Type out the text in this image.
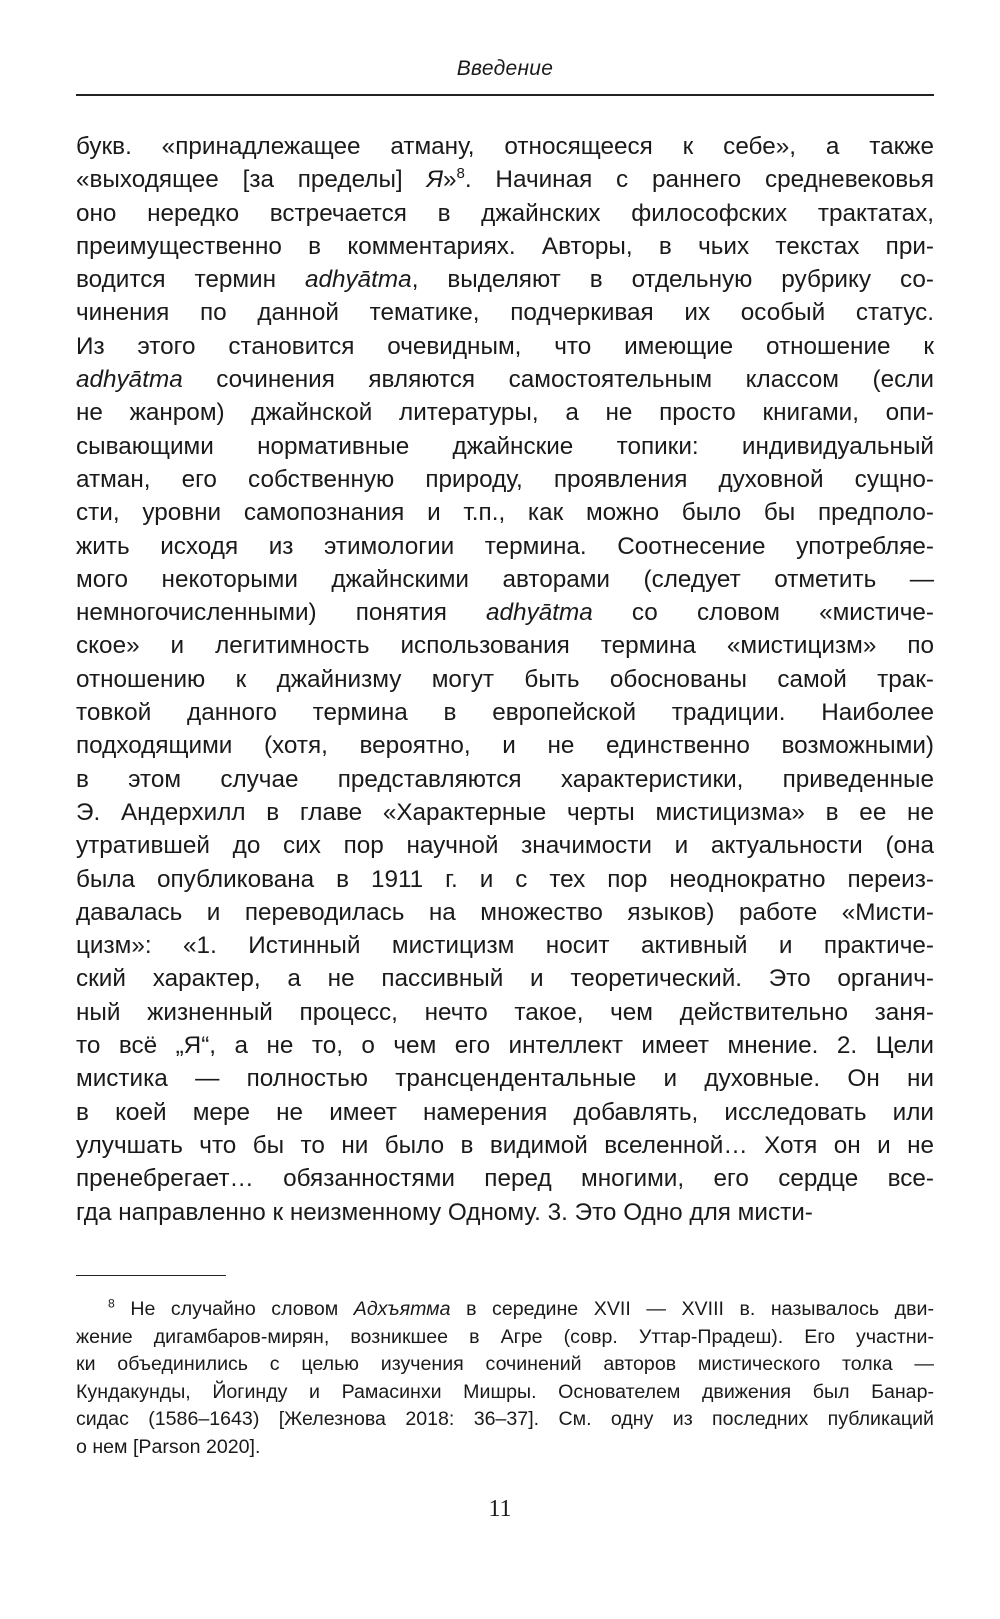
Введение
букв. «принадлежащее атману, относящееся к себе», а также
«выходящее [за пределы] Я»$^8$. Начиная с раннего средневековья
оно нередко встречается в джайнских философских трактатах,
преимущественно в комментариях. Авторы, в чьих текстах при-
водится термин adhyātma, выделяют в отдельную рубрику со-
чинения по данной тематике, подчеркивая их особый статус.
Из этого становится очевидным, что имеющие отношение к
adhyātma сочинения являются самостоятельным классом (если
не жанром) джайнской литературы, а не просто книгами, опи-
сывающими нормативные джайнские топики: индивидуальный
атман, его собственную природу, проявления духовной сущно-
сти, уровни самопознания и т.п., как можно было бы предполо-
жить исходя из этимологии термина. Соотнесение употребляе-
мого некоторыми джайнскими авторами (следует отметить —
немногочисленными) понятия adhyātma со словом «мистиче-
ское» и легитимность использования термина «мистицизм» по
отношению к джайнизму могут быть обоснованы самой трак-
товкой данного термина в европейской традиции. Наиболее
подходящими (хотя, вероятно, и не единственно возможными)
в этом случае представляются характеристики, приведенные
Э. Андерхилл в главе «Характерные черты мистицизма» в ее не
утратившей до сих пор научной значимости и актуальности (она
была опубликована в 1911 г. и с тех пор неоднократно переиз-
давалась и переводилась на множество языков) работе «Мисти-
цизм»: «1. Истинный мистицизм носит активный и практиче-
ский характер, а не пассивный и теоретический. Это органич-
ный жизненный процесс, нечто такое, чем действительно заня-
то всё „Я“, а не то, о чем его интеллект имеет мнение. 2. Цели
мистика — полностью трансцендентальные и духовные. Он ни
в коей мере не имеет намерения добавлять, исследовать или
улучшать что бы то ни было в видимой вселенной… Хотя он и не
пренебрегает… обязанностями перед многими, его сердце все-
гда направленно к неизменному Одному. 3. Это Одно для мисти-
$^8$ Не случайно словом Адхъятма в середине XVII — XVIII в. называлось дви-
жение дигамбаров-мирян, возникшее в Агре (совр. Уттар-Прадеш). Его участни-
ки объединились с целью изучения сочинений авторов мистического толка —
Кундакунды, Йогинду и Рамасинхи Мишры. Основателем движения был Банар-
сидас (1586–1643) [Железнова 2018: 36–37]. См. одну из последних публикаций
о нем [Parson 2020].
11
